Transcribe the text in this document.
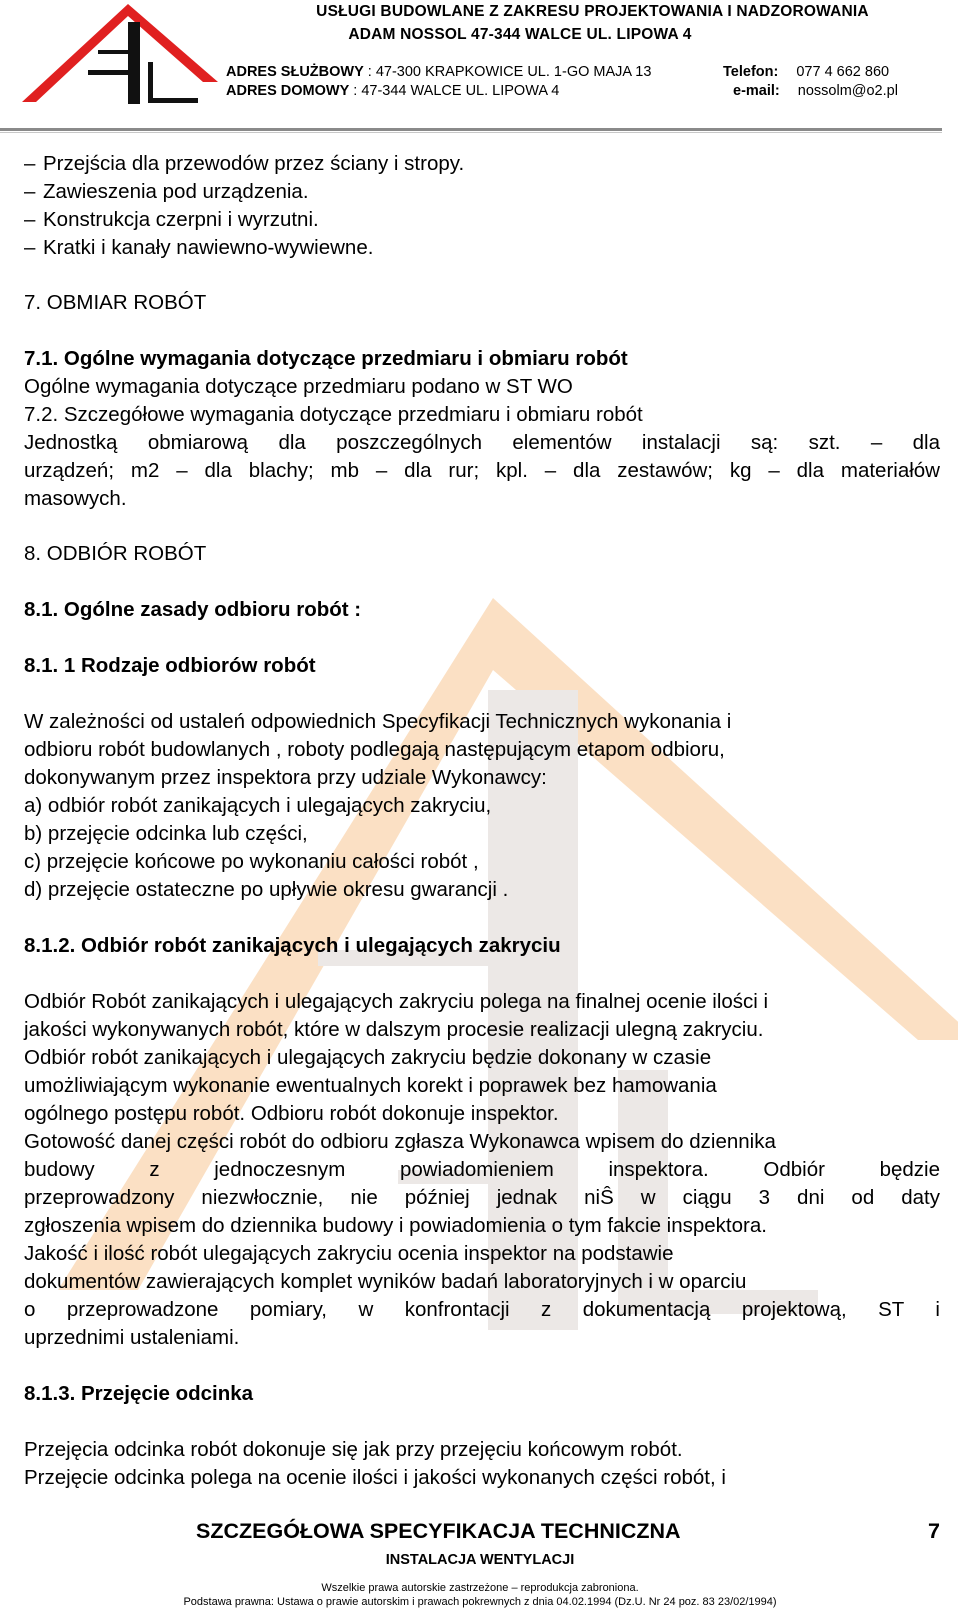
USŁUGI BUDOWLANE Z ZAKRESU PROJEKTOWANIA I NADZOROWANIA
ADAM NOSSOL 47-344 WALCE UL. LIPOWA 4
ADRES SŁUŻBOWY : 47-300 KRAPKOWICE UL. 1-GO MAJA 13
ADRES DOMOWY : 47-344 WALCE UL. LIPOWA 4
Telefon: 077 4 662 860
e-mail: nossolm@o2.pl
– Przejścia dla przewodów przez ściany i stropy.
– Zawieszenia pod urządzenia.
– Konstrukcja czerpni i wyrzutni.
– Kratki i kanały nawiewno-wywiewne.
7. OBMIAR ROBÓT
7.1. Ogólne wymagania dotyczące przedmiaru i obmiaru robót
Ogólne wymagania dotyczące przedmiaru podano w ST WO
7.2. Szczegółowe wymagania dotyczące przedmiaru i obmiaru robót
Jednostką obmiarową dla poszczególnych elementów instalacji są: szt. – dla
urządzeń; m2 – dla blachy; mb – dla rur; kpl. – dla zestawów; kg – dla materiałów
masowych.
8. ODBIÓR ROBÓT
8.1. Ogólne zasady odbioru robót :
8.1. 1 Rodzaje odbiorów robót
W zależności od ustaleń odpowiednich Specyfikacji Technicznych wykonania i
odbioru robót budowlanych , roboty podlegają następującym etapom odbioru,
dokonywanym przez inspektora przy udziale Wykonawcy:
a) odbiór robót zanikających i ulegających zakryciu,
b) przejęcie odcinka lub części,
c) przejęcie końcowe po wykonaniu całości robót ,
d) przejęcie ostateczne po upływie okresu gwarancji .
8.1.2. Odbiór robót zanikających i ulegających zakryciu
Odbiór Robót zanikających i ulegających zakryciu polega na finalnej ocenie ilości i
jakości wykonywanych robót, które w dalszym procesie realizacji ulegną zakryciu.
Odbiór robót zanikających i ulegających zakryciu będzie dokonany w czasie
umożliwiającym wykonanie ewentualnych korekt i poprawek bez hamowania
ogólnego postępu robót. Odbioru robót dokonuje inspektor.
Gotowość danej części robót do odbioru zgłasza Wykonawca wpisem do dziennika
budowy z jednoczesnym powiadomieniem inspektora. Odbiór będzie
przeprowadzony niezwłocznie, nie później jednak niŜ w ciągu 3 dni od daty
zgłoszenia wpisem do dziennika budowy i powiadomienia o tym fakcie inspektora.
Jakość i ilość robót ulegających zakryciu ocenia inspektor na podstawie
dokumentów zawierających komplet wyników badań laboratoryjnych i w oparciu
o przeprowadzone pomiary, w konfrontacji z dokumentacją projektową, ST i
uprzednimi ustaleniami.
8.1.3. Przejęcie odcinka
Przejęcia odcinka robót dokonuje się jak przy przejęciu końcowym robót.
Przejęcie odcinka polega na ocenie ilości i jakości wykonanych części robót, i
SZCZEGÓŁOWA SPECYFIKACJA TECHNICZNA	7
INSTALACJA WENTYLACJI
Wszelkie prawa autorskie zastrzeżone – reprodukcja zabroniona.
Podstawa prawna: Ustawa o prawie autorskim i prawach pokrewnych z dnia 04.02.1994 (Dz.U. Nr 24 poz. 83 23/02/1994)
